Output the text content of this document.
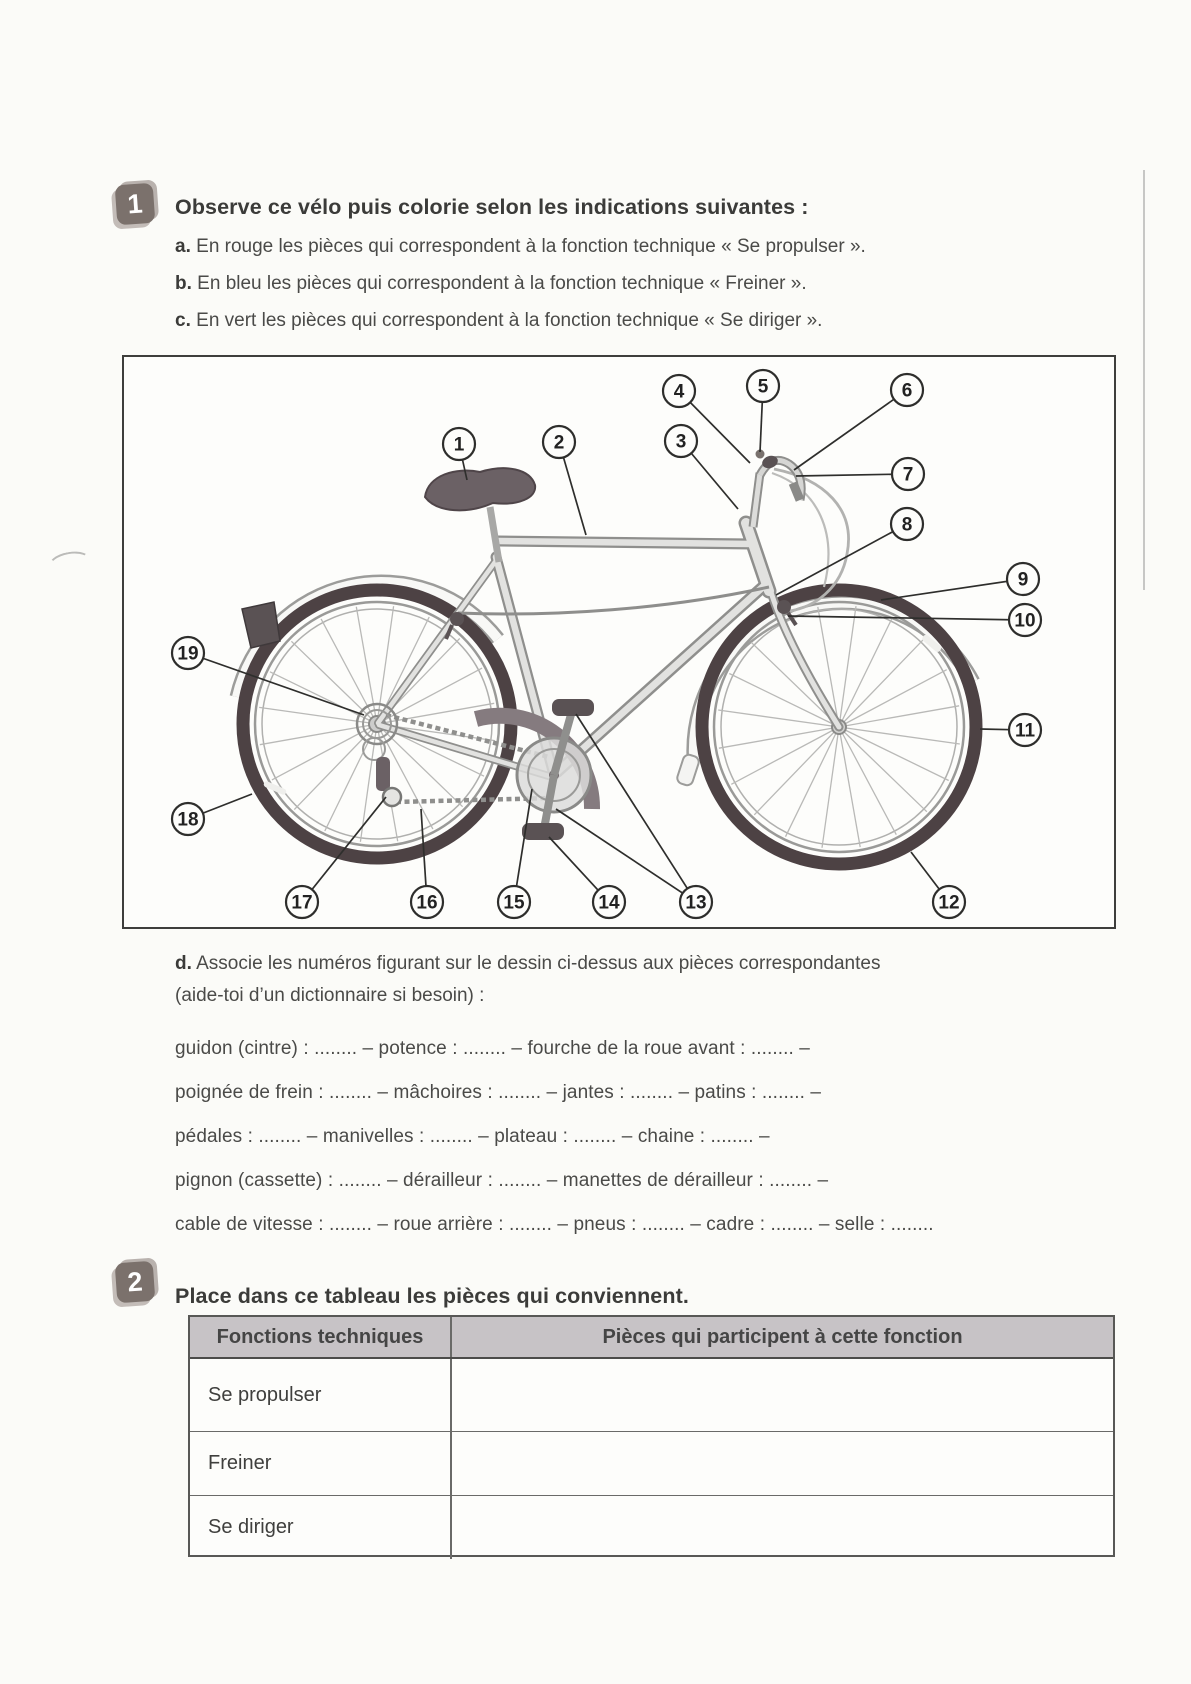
1	Observe ce vélo puis colorie selon les indications suivantes :
a. En rouge les pièces qui correspondent à la fonction technique « Se propulser ».
b. En bleu les pièces qui correspondent à la fonction technique « Freiner ».
c. En vert les pièces qui correspondent à la fonction technique « Se diriger ».
1	2	3
4	5	6
7
8
9
10
11
12
13
14
15
16
17
18
19
d. Associe les numéros figurant sur le dessin ci-dessus aux pièces correspondantes
(aide-toi d’un dictionnaire si besoin) :

guidon (cintre) : ........ – potence : ........ – fourche de la roue avant : ........ –

poignée de frein : ........ – mâchoires : ........ – jantes : ........ – patins : ........ –

pédales : ........ – manivelles : ........ – plateau : ........ – chaine : ........ –

pignon (cassette) : ........ – dérailleur : ........ – manettes de dérailleur : ........ –

cable de vitesse : ........ – roue arrière : ........ – pneus : ........ – cadre : ........ – selle : ........

2	Place dans ce tableau les pièces qui conviennent.
Fonctions techniques	Pièces qui participent à cette fonction
Se propulser
Freiner
Se diriger
